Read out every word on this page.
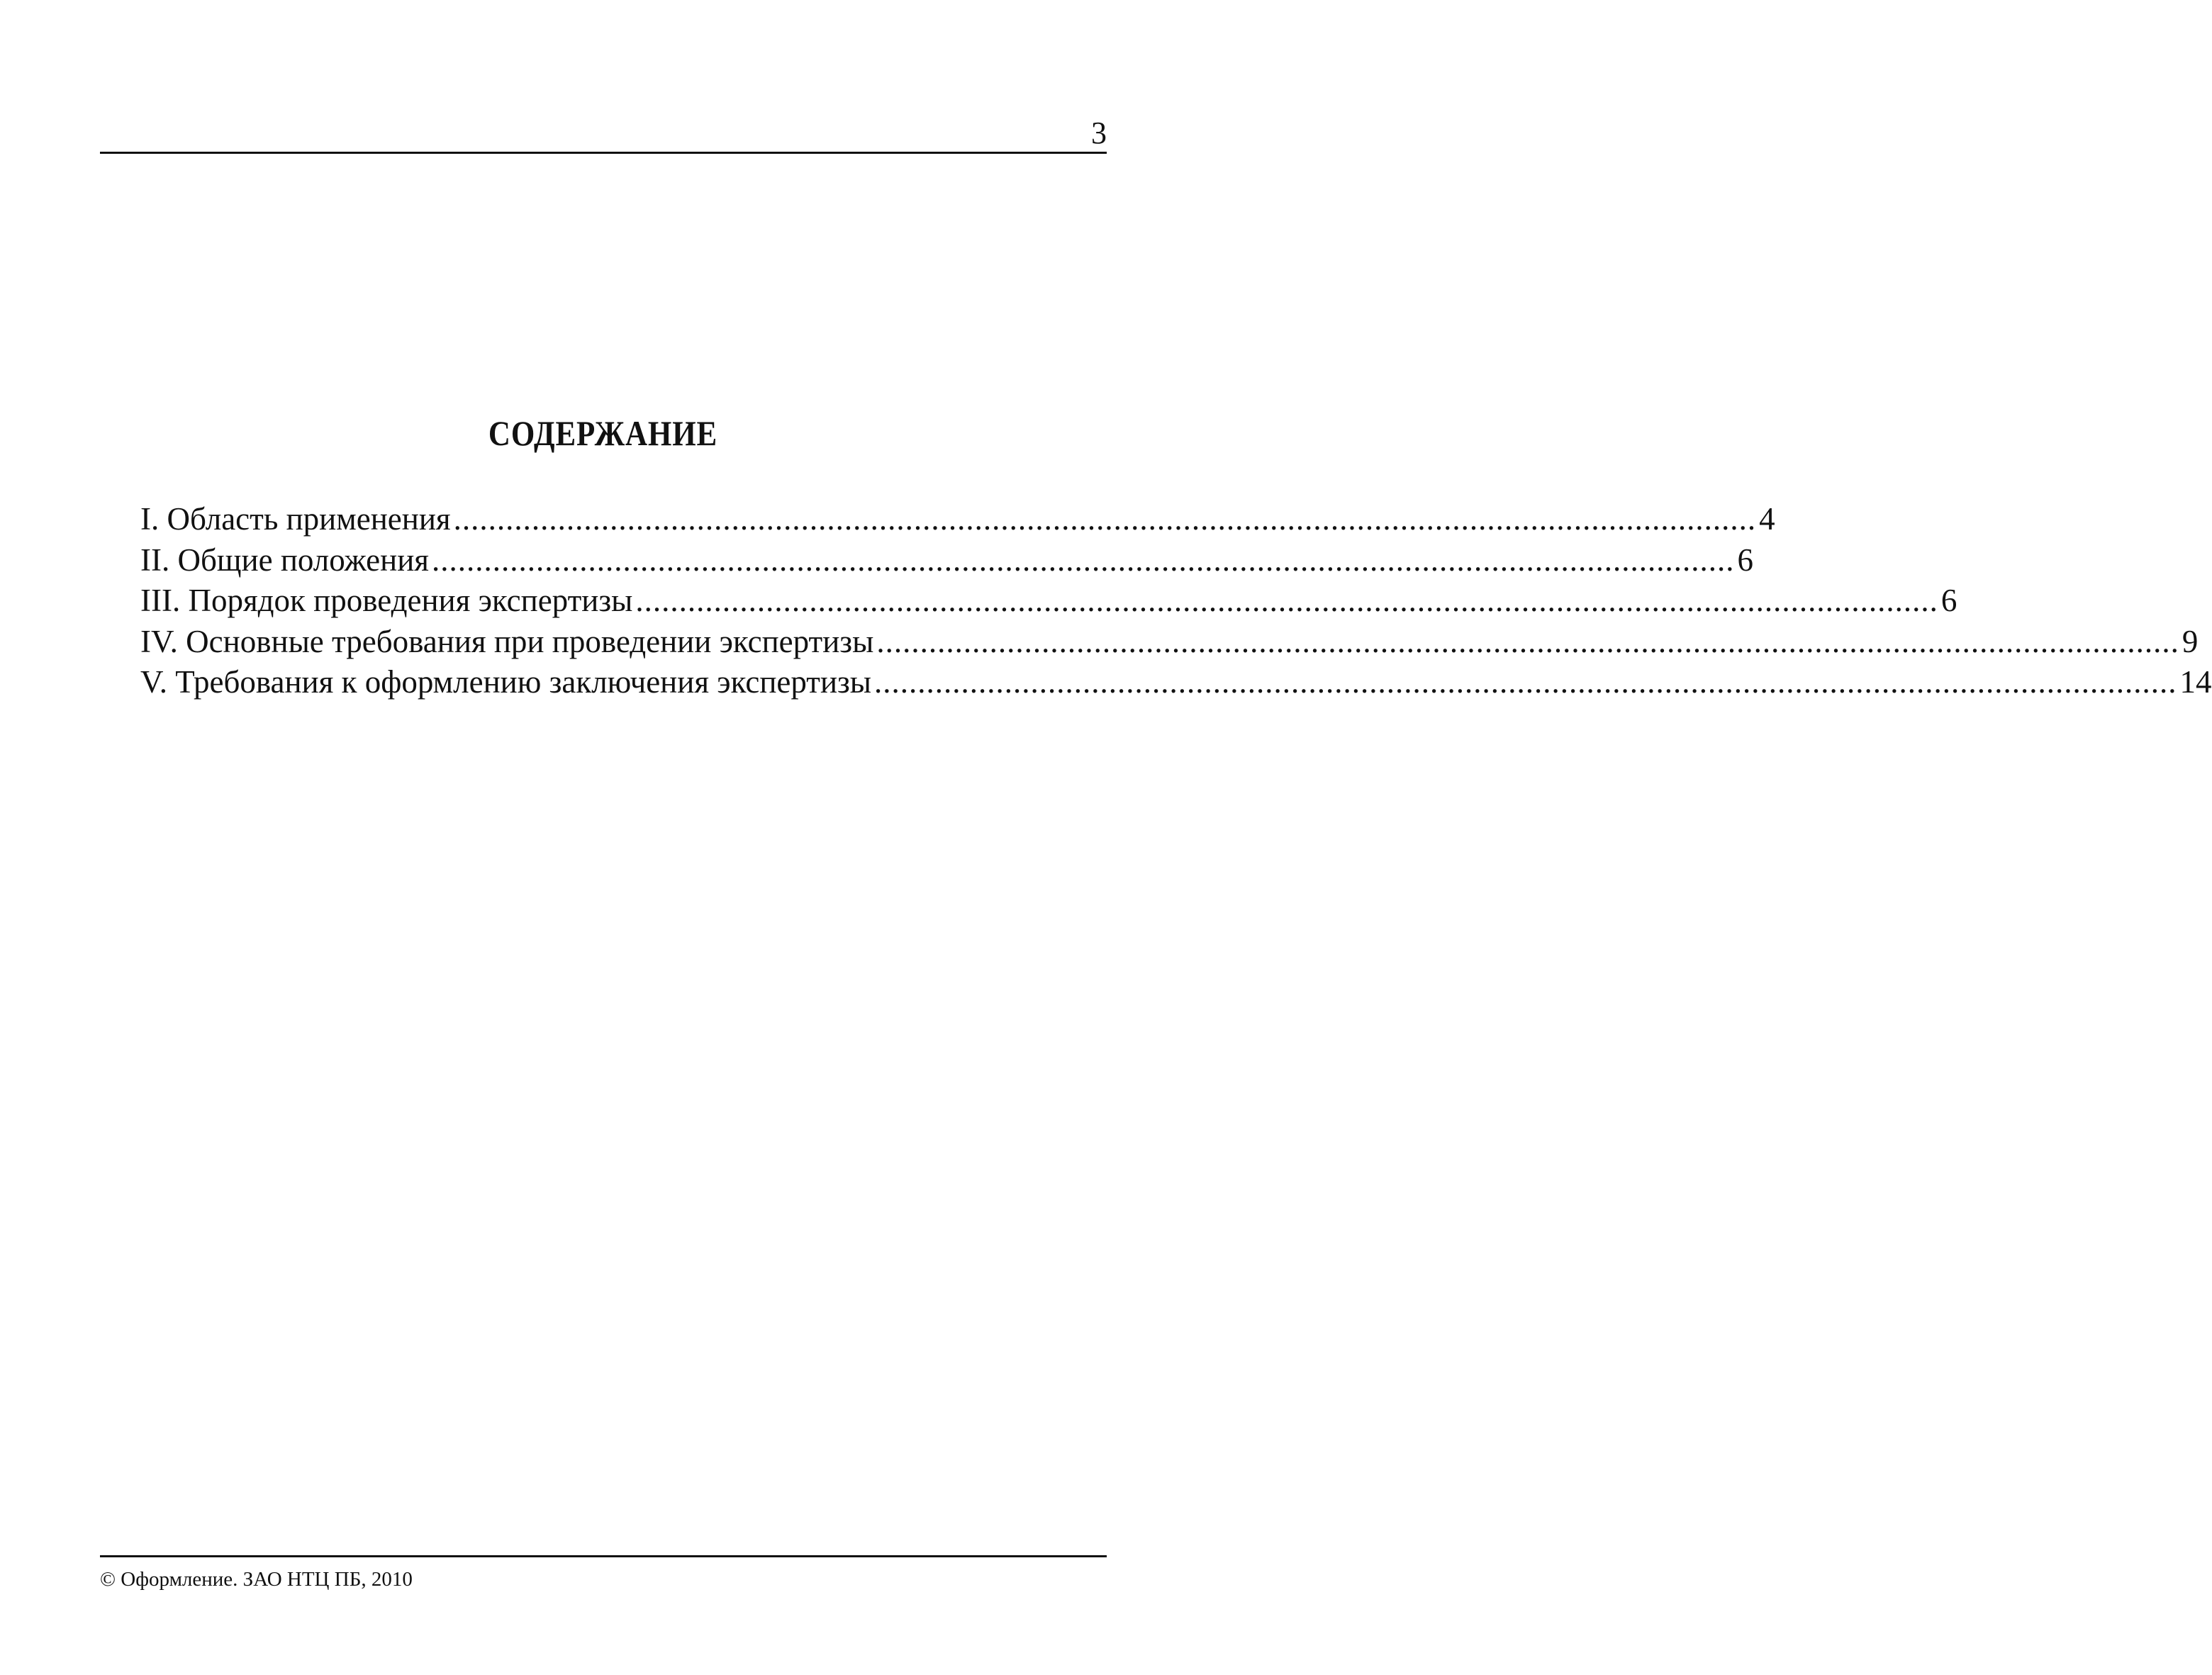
3
СОДЕРЖАНИЕ
I. Область применения ...................................................................................................................................................... 4
II. Общие положения ...................................................................................................................................................... 6
III. Порядок проведения экспертизы ...................................................................................................................................................... 6
IV. Основные требования при проведении экспертизы ...................................................................................................................................................... 9
V. Требования к оформлению заключения экспертизы ...................................................................................................................................................... 14
© Оформление. ЗАО НТЦ ПБ, 2010
